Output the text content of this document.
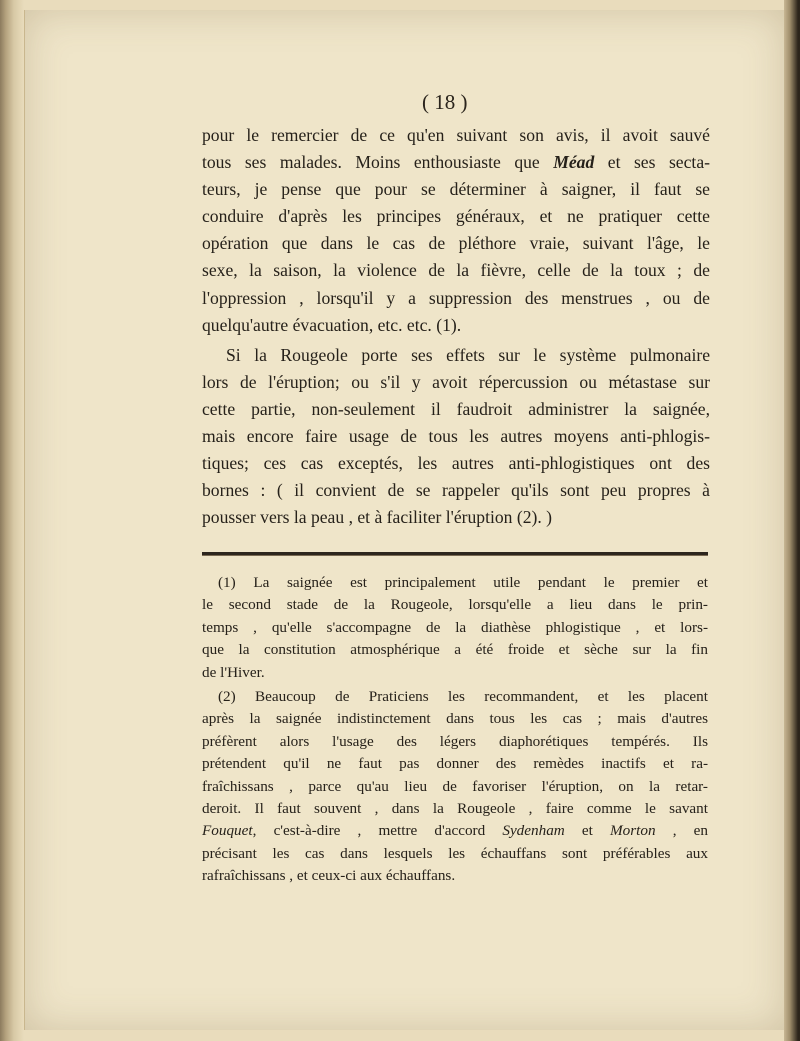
( 18 )
pour le remercier de ce qu'en suivant son avis, il avoit sauvé
tous ses malades. Moins enthousiaste que Méad et ses secta-
teurs, je pense que pour se déterminer à saigner, il faut se
conduire d'après les principes généraux, et ne pratiquer cette
opération que dans le cas de pléthore vraie, suivant l'âge, le
sexe, la saison, la violence de la fièvre, celle de la toux ; de
l'oppression , lorsqu'il y a suppression des menstrues , ou de
quelqu'autre évacuation, etc. etc. (1).
Si la Rougeole porte ses effets sur le système pulmonaire
lors de l'éruption; ou s'il y avoit répercussion ou métastase sur
cette partie, non-seulement il faudroit administrer la saignée,
mais encore faire usage de tous les autres moyens anti-phlogis-
tiques; ces cas exceptés, les autres anti-phlogistiques ont des
bornes : ( il convient de se rappeler qu'ils sont peu propres à
pousser vers la peau , et à faciliter l'éruption (2). )
(1) La saignée est principalement utile pendant le premier et
le second stade de la Rougeole, lorsqu'elle a lieu dans le prin-
temps , qu'elle s'accompagne de la diathèse phlogistique , et lors-
que la constitution atmosphérique a été froide et sèche sur la fin
de l'Hiver.
(2) Beaucoup de Praticiens les recommandent, et les placent
après la saignée indistinctement dans tous les cas ; mais d'autres
préfèrent alors l'usage des légers diaphorétiques tempérés. Ils
prétendent qu'il ne faut pas donner des remèdes inactifs et ra-
fraîchissans , parce qu'au lieu de favoriser l'éruption, on la retar-
deroit. Il faut souvent , dans la Rougeole , faire comme le savant
Fouquet, c'est-à-dire , mettre d'accord Sydenham et Morton , en
précisant les cas dans lesquels les échauffans sont préférables aux
rafraîchissans , et ceux-ci aux échauffans.
